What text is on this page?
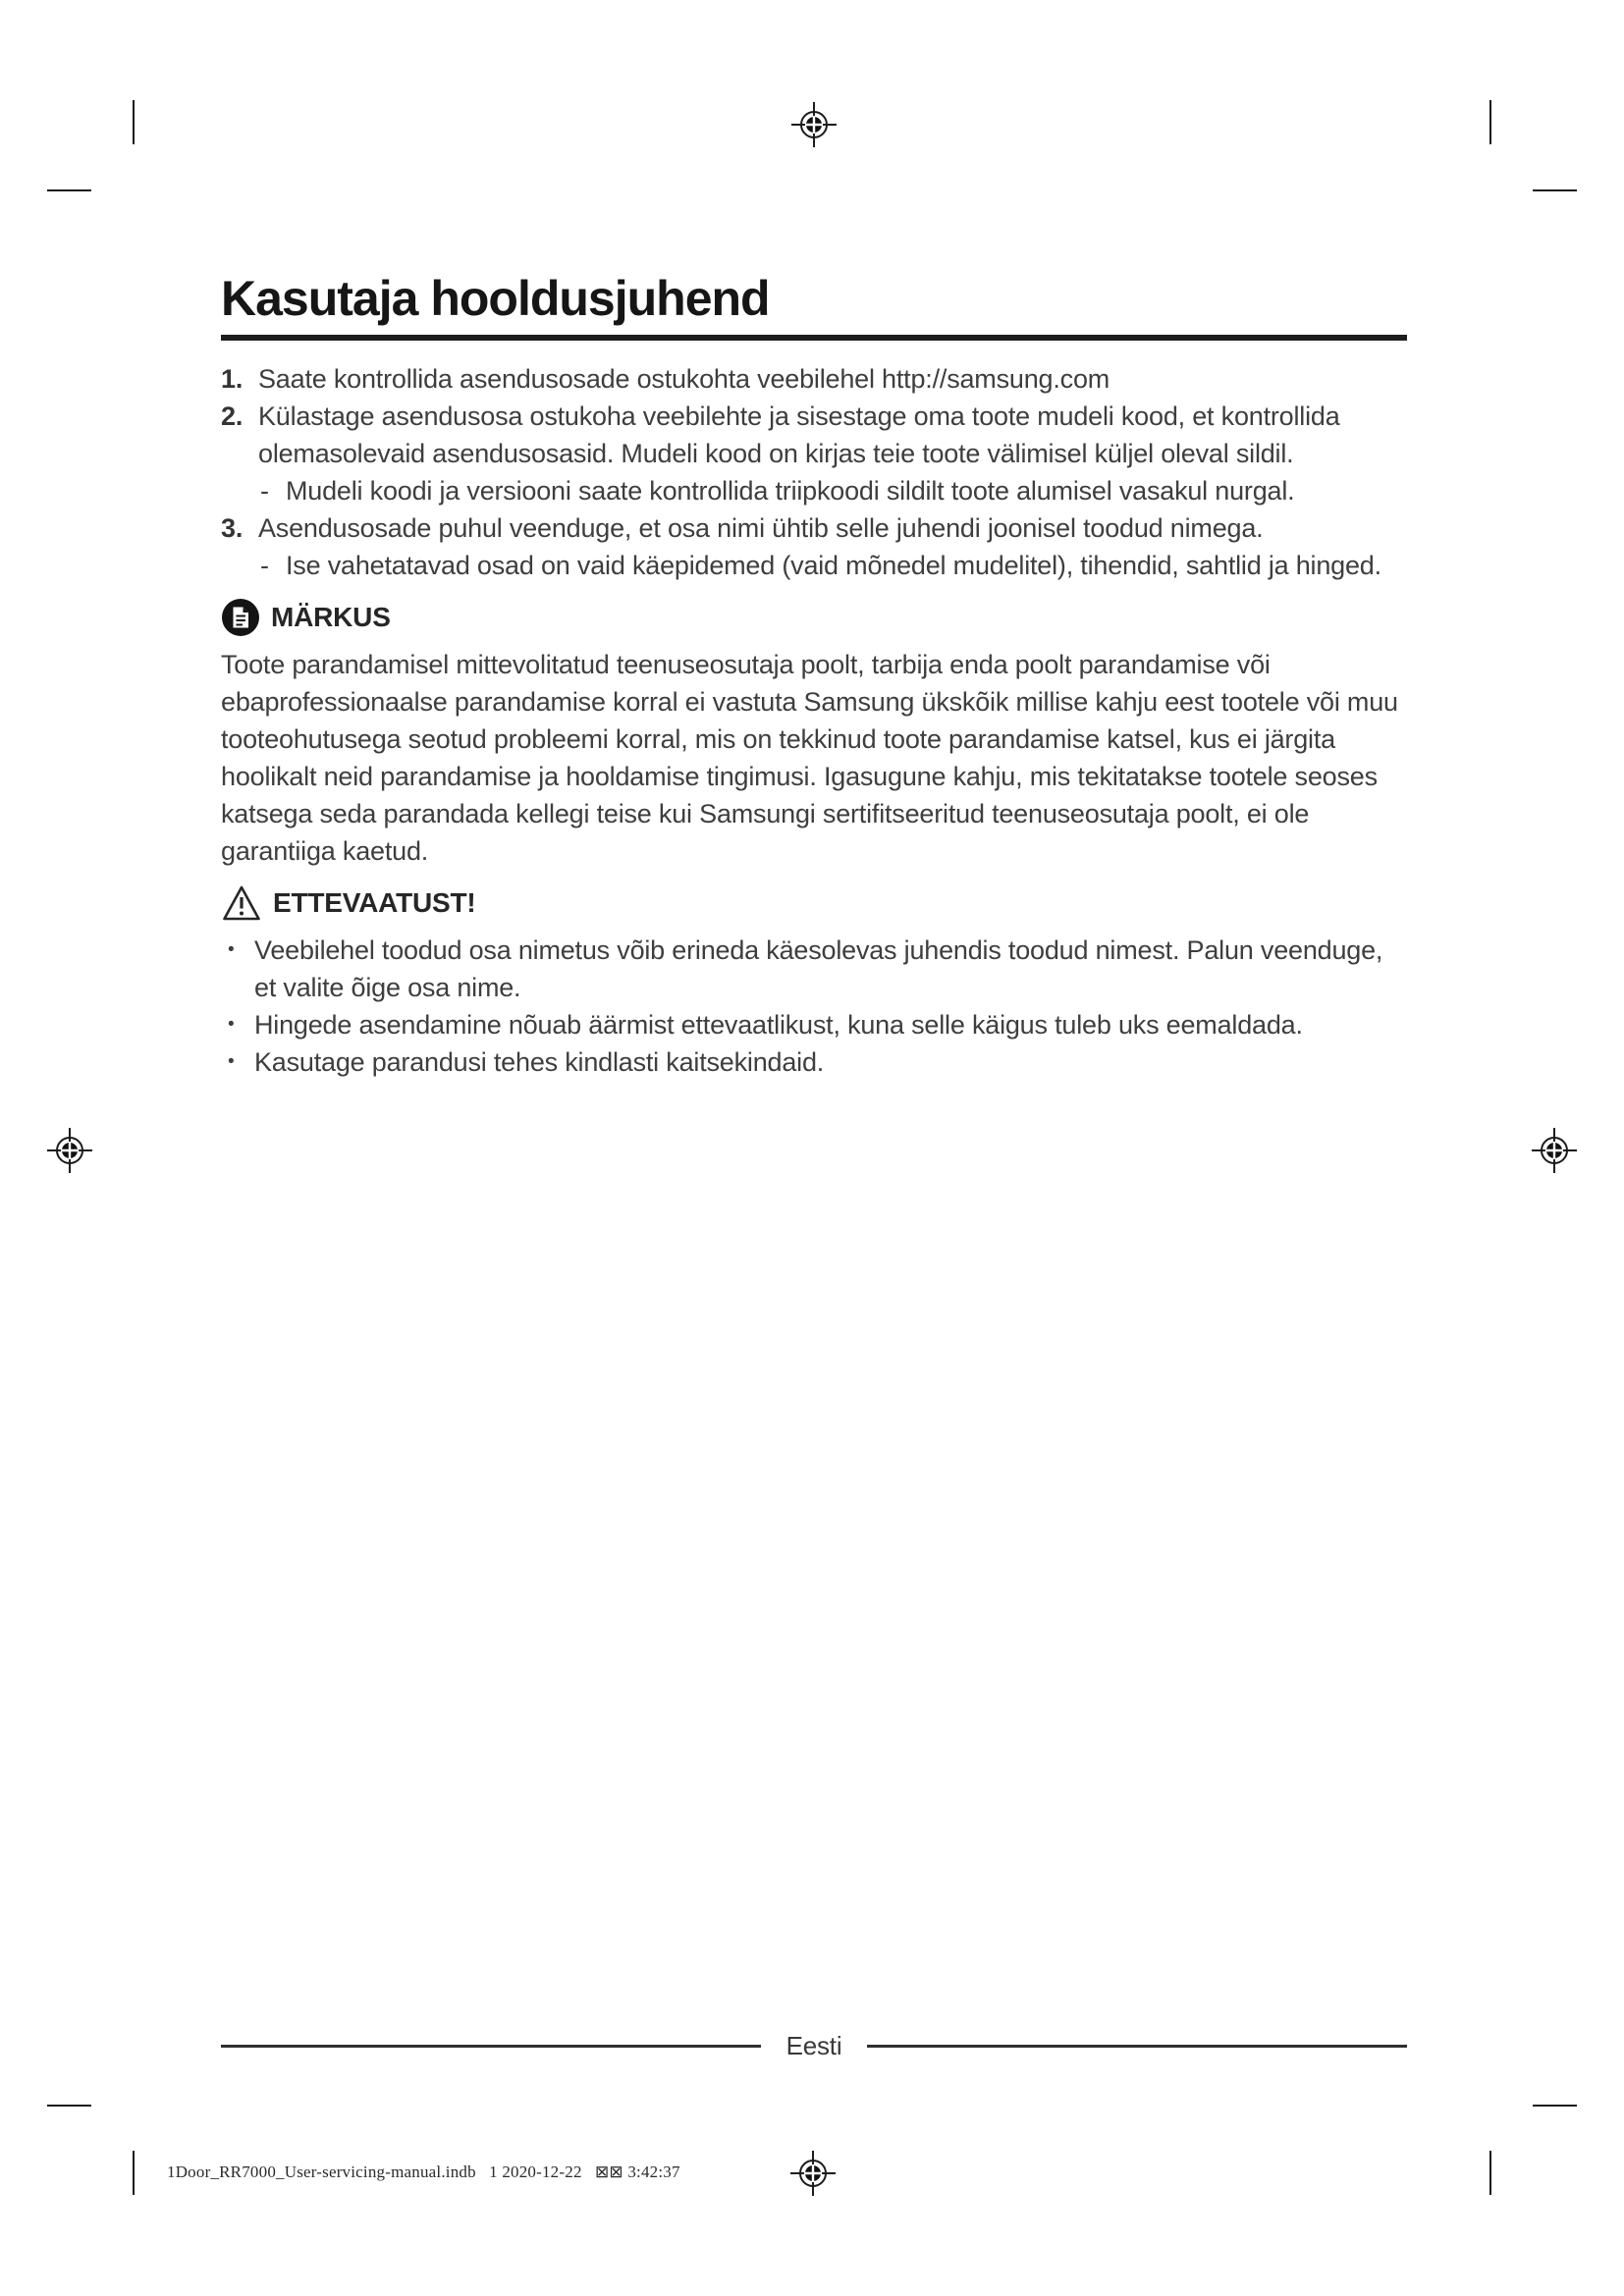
Kasutaja hooldusjuhend
1. Saate kontrollida asendusosade ostukohta veebilehel http://samsung.com

2. Külastage asendusosa ostukoha veebilehte ja sisestage oma toote mudeli kood, et kontrollida olemasolevaid asendusosasid. Mudeli kood on kirjas teie toote välimisel küljel oleval sildil.

- Mudeli koodi ja versiooni saate kontrollida triipkoodi sildilt toote alumisel vasakul nurgal.

3. Asendusosade puhul veenduge, et osa nimi ühtib selle juhendi joonisel toodud nimega.

- Ise vahetatavad osad on vaid käepidemed (vaid mõnedel mudelitel), tihendid, sahtlid ja hinged.

MÄRKUS

Toote parandamisel mittevolitatud teenuseosutaja poolt, tarbija enda poolt parandamise või ebaprofessionaalse parandamise korral ei vastuta Samsung ükskõik millise kahju eest tootele või muu tooteohutusega seotud probleemi korral, mis on tekkinud toote parandamise katsel, kus ei järgita hoolikalt neid parandamise ja hooldamise tingimusi. Igasugune kahju, mis tekitatakse tootele seoses katsega seda parandada kellegi teise kui Samsungi sertifitseeritud teenuseosutaja poolt, ei ole garantiiga kaetud.

ETTEVAATUST!
• Veebilehel toodud osa nimetus võib erineda käesolevas juhendis toodud nimest. Palun veenduge, et valite õige osa nime.

• Hingede asendamine nõuab äärmist ettevaatlikust, kuna selle käigus tuleb uks eemaldada.

• Kasutage parandusi tehes kindlasti kaitsekindaid.

Eesti
1Door_RR7000_User-servicing-manual.indb   1 2020-12-22   ⊠⊠ 3:42:37
